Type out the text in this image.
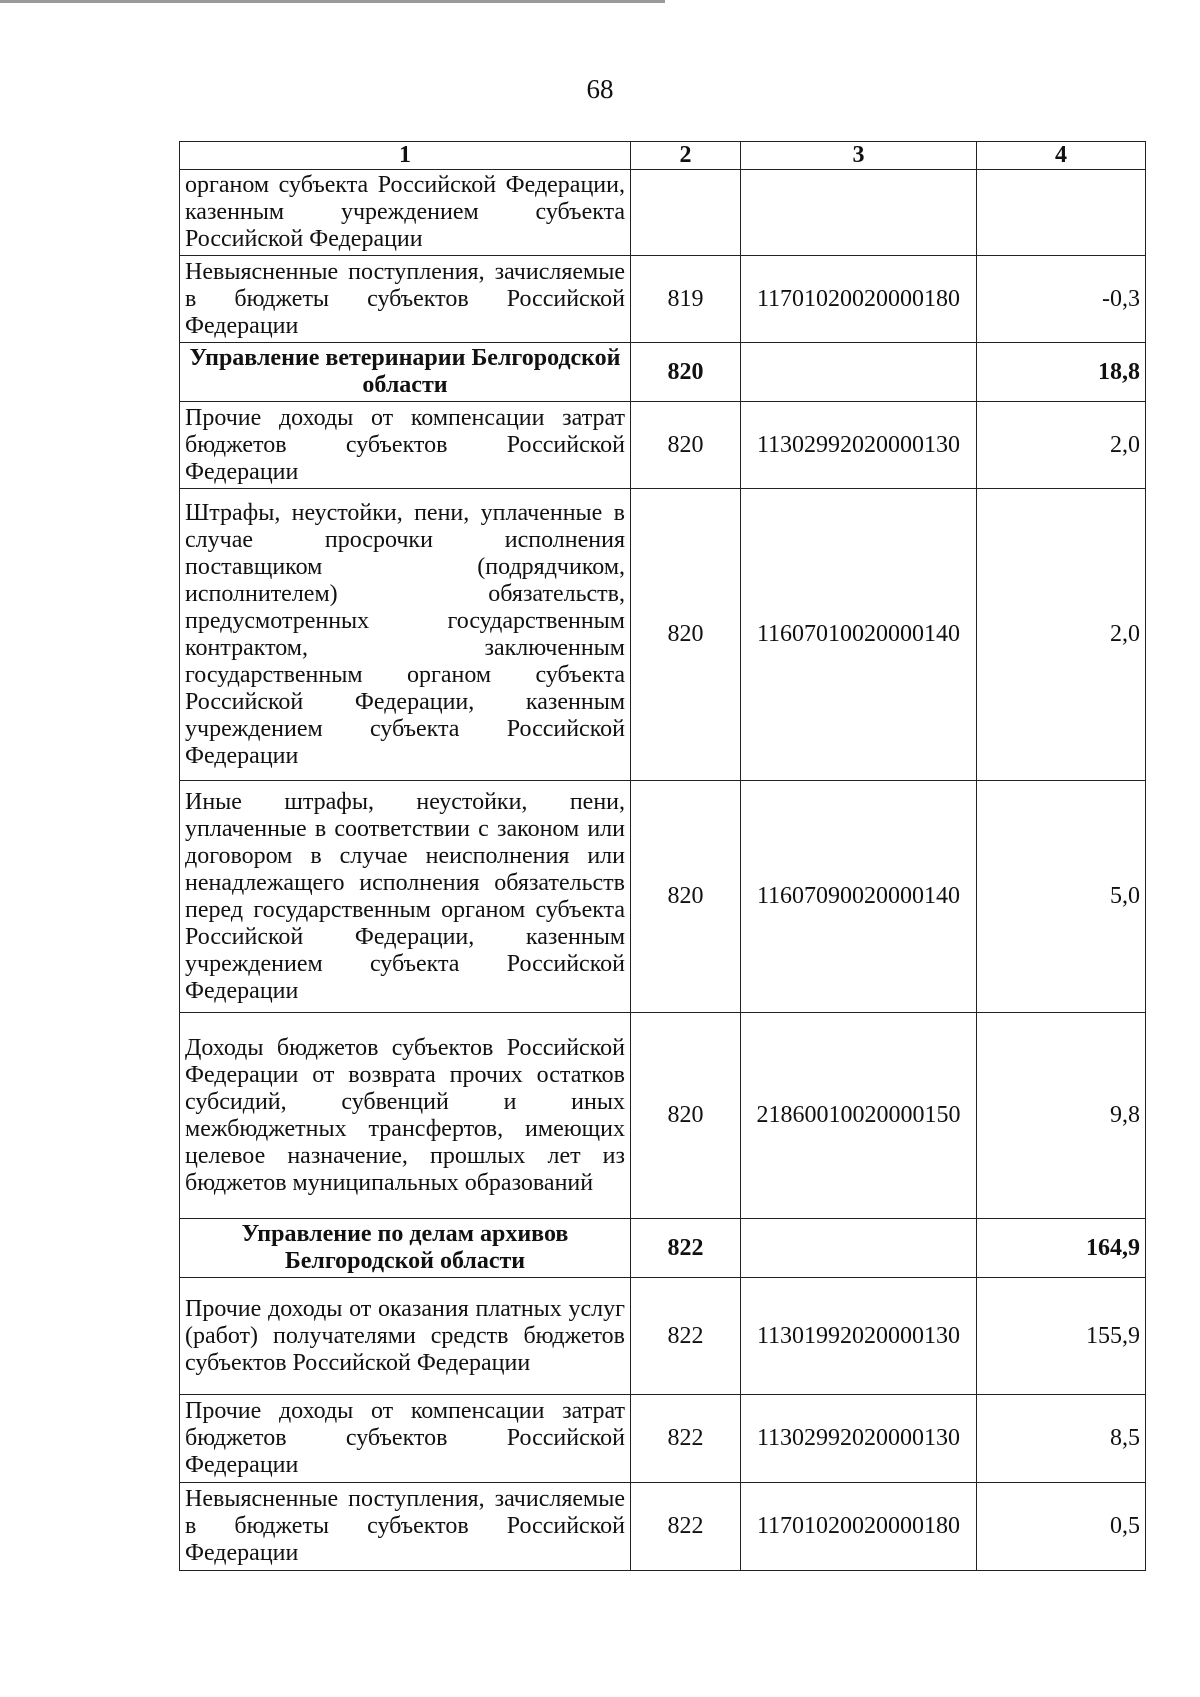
68
1	2	3	4
органом субъекта Российской Федерации, казенным учреждением субъекта Российской Федерации			
Невыясненные поступления, зачисляемые в бюджеты субъектов Российской Федерации	819	11701020020000180	-0,3
Управление ветеринарии Белгородской области	820		18,8
Прочие доходы от компенсации затрат бюджетов субъектов Российской Федерации	820	11302992020000130	2,0
Штрафы, неустойки, пени, уплаченные в случае просрочки исполнения поставщиком (подрядчиком, исполнителем) обязательств, предусмотренных государственным контрактом, заключенным государственным органом субъекта Российской Федерации, казенным учреждением субъекта Российской Федерации	820	11607010020000140	2,0
Иные штрафы, неустойки, пени, уплаченные в соответствии с законом или договором в случае неисполнения или ненадлежащего исполнения обязательств перед государственным органом субъекта Российской Федерации, казенным учреждением субъекта Российской Федерации	820	11607090020000140	5,0
Доходы бюджетов субъектов Российской Федерации от возврата прочих остатков субсидий, субвенций и иных межбюджетных трансфертов, имеющих целевое назначение, прошлых лет из бюджетов муниципальных образований	820	21860010020000150	9,8
Управление по делам архивов Белгородской области	822		164,9
Прочие доходы от оказания платных услуг (работ) получателями средств бюджетов субъектов Российской Федерации	822	11301992020000130	155,9
Прочие доходы от компенсации затрат бюджетов субъектов Российской Федерации	822	11302992020000130	8,5
Невыясненные поступления, зачисляемые в бюджеты субъектов Российской Федерации	822	11701020020000180	0,5
